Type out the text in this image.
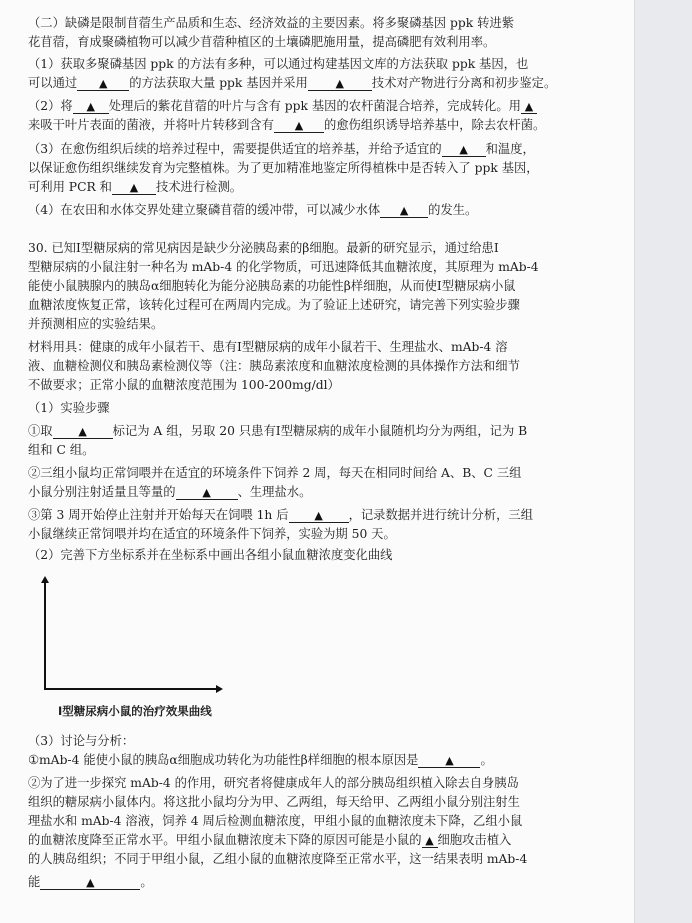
（二）缺磷是限制苜蓿生产品质和生态、经济效益的主要因素。将多聚磷基因 ppk 转进紫
花苜蓿，育成聚磷植物可以减少苜蓿种植区的土壤磷肥施用量，提高磷肥有效利用率。
（1）获取多聚磷基因 ppk 的方法有多种，可以通过构建基因文库的方法获取 ppk 基因，也
可以通过 ▲ 的方法获取大量 ppk 基因并采用	▲ 技术对产物进行分离和初步鉴定。
（2）将 ▲ 处理后的紫花苜蓿的叶片与含有 ppk 基因的农杆菌混合培养，完成转化。用 ▲
来吸干叶片表面的菌液，并将叶片转移到含有 ▲ 的愈伤组织诱导培养基中，除去农杆菌。
（3）在愈伤组织后续的培养过程中，需要提供适宜的培养基，并给予适宜的 ▲ 和温度，
以保证愈伤组织继续发育为完整植株。为了更加精准地鉴定所得植株中是否转入了 ppk 基因，
可利用 PCR 和 ▲ 技术进行检测。
（4）在农田和水体交界处建立聚磷苜蓿的缓冲带，可以减少水体 ▲ 的发生。
30. 已知Ⅰ型糖尿病的常见病因是缺少分泌胰岛素的β细胞。最新的研究显示，通过给患Ⅰ
型糖尿病的小鼠注射一种名为 mAb-4 的化学物质，可迅速降低其血糖浓度，其原理为 mAb-4
能使小鼠胰腺内的胰岛α细胞转化为能分泌胰岛素的功能性β样细胞，从而使Ⅰ型糖尿病小鼠
血糖浓度恢复正常，该转化过程可在两周内完成。为了验证上述研究，请完善下列实验步骤
并预测相应的实验结果。
材料用具：健康的成年小鼠若干、患有Ⅰ型糖尿病的成年小鼠若干、生理盐水、mAb-4 溶
液、血糖检测仪和胰岛素检测仪等（注：胰岛素浓度和血糖浓度检测的具体操作方法和细节
不做要求；正常小鼠的血糖浓度范围为 100-200mg/dl）
（1）实验步骤
①取 ▲ 标记为 A 组，另取 20 只患有Ⅰ型糖尿病的成年小鼠随机均分为两组，记为 B
组和 C 组。
②三组小鼠均正常饲喂并在适宜的环境条件下饲养 2 周，每天在相同时间给 A、B、C 三组
小鼠分别注射适量且等量的 ▲ 、生理盐水。
③第 3 周开始停止注射并开始每天在饲喂 1h 后 ▲ ，记录数据并进行统计分析，三组
小鼠继续正常饲喂并均在适宜的环境条件下饲养，实验为期 50 天。
（2）完善下方坐标系并在坐标系中画出各组小鼠血糖浓度变化曲线
Ⅰ型糖尿病小鼠的治疗效果曲线
（3）讨论与分析：
①mAb-4 能使小鼠的胰岛α细胞成功转化为功能性β样细胞的根本原因是 ▲ 。
②为了进一步探究 mAb-4 的作用，研究者将健康成年人的部分胰岛组织植入除去自身胰岛
组织的糖尿病小鼠体内。将这批小鼠均分为甲、乙两组，每天给甲、乙两组小鼠分别注射生
理盐水和 mAb-4 溶液，饲养 4 周后检测血糖浓度，甲组小鼠的血糖浓度未下降，乙组小鼠
的血糖浓度降至正常水平。甲组小鼠血糖浓度未下降的原因可能是小鼠的 ▲ 细胞攻击植入
的人胰岛组织；不同于甲组小鼠，乙组小鼠的血糖浓度降至正常水平，这一结果表明 mAb-4
能	▲	。
